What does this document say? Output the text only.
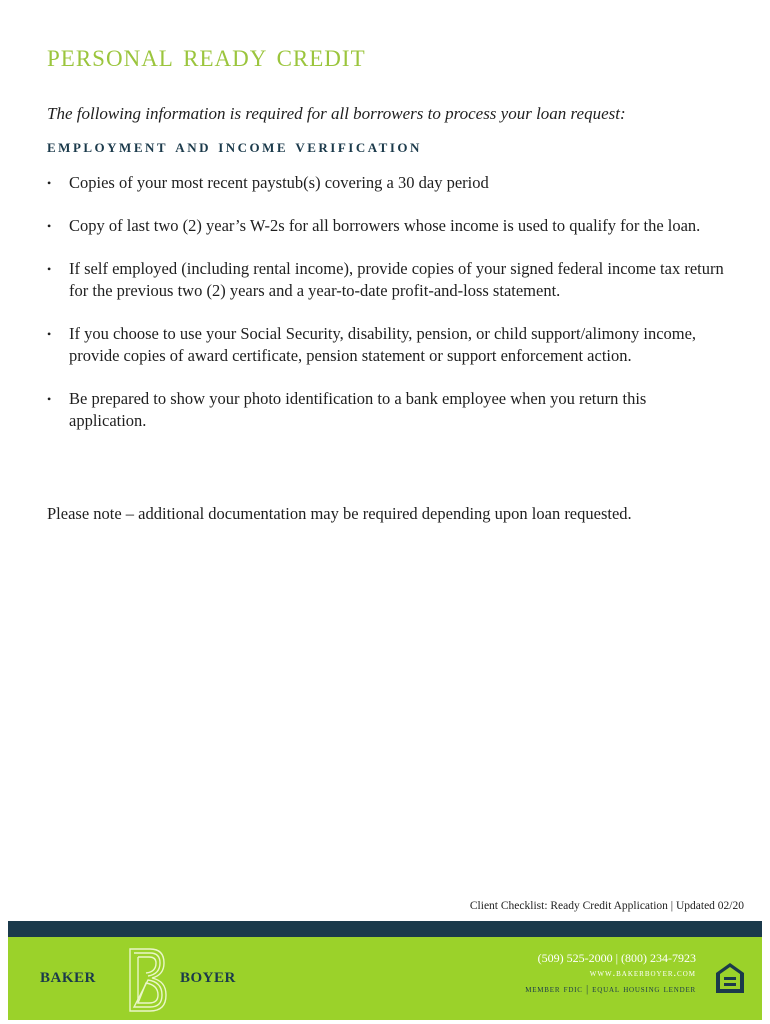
personal ready credit
The following information is required for all borrowers to process your loan request:
employment and income verification
•	Copies of your most recent paystub(s) covering a 30 day period
•	Copy of last two (2) year’s W-2s for all borrowers whose income is used to qualify for the loan.
•	If self employed (including rental income), provide copies of your signed federal income tax return for the previous two (2) years and a year-to-date profit-and-loss statement.
•	If you choose to use your Social Security, disability, pension, or child support/alimony income, provide copies of award certificate, pension statement or support enforcement action.
•	Be prepared to show your photo identification to a bank employee when you return this application.
Please note – additional documentation may be required depending upon loan requested.
Client Checklist: Ready Credit Application | Updated 02/20
BAKER	BOYER
(509) 525-2000 | (800) 234-7923
www.bakerboyer.com
member fdic | equal housing lender
